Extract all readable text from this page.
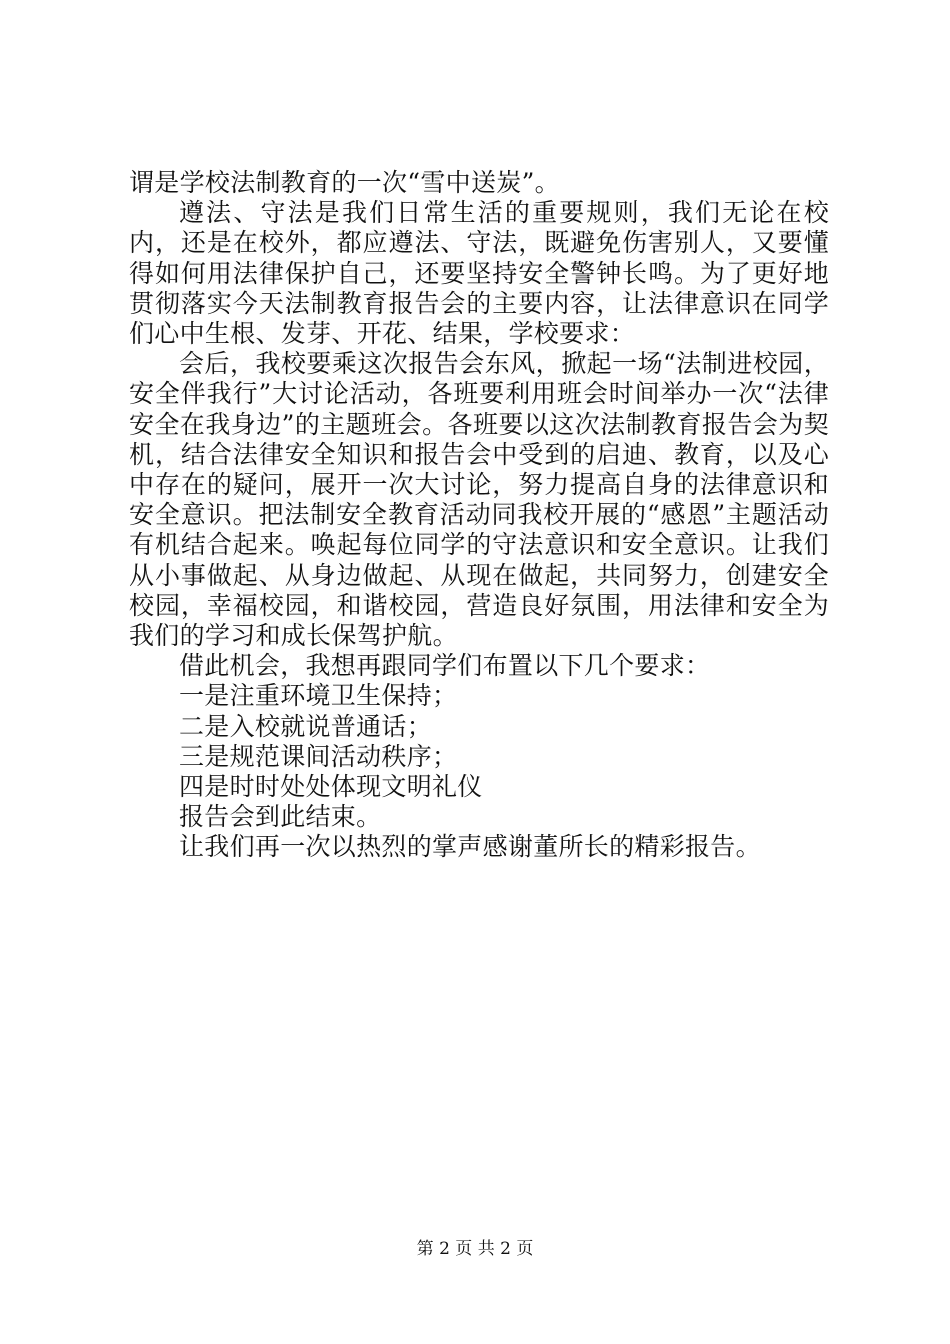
谓是学校法制教育的一次“雪中送炭”。

遵法、守法是我们日常生活的重要规则，我们无论在校内，还是在校外，都应遵法、守法，既避免伤害别人，又要懂得如何用法律保护自己，还要坚持安全警钟长鸣。为了更好地贯彻落实今天法制教育报告会的主要内容，让法律意识在同学们心中生根、发芽、开花、结果，学校要求：

会后，我校要乘这次报告会东风，掀起一场“法制进校园，安全伴我行”大讨论活动，各班要利用班会时间举办一次“法律安全在我身边”的主题班会。各班要以这次法制教育报告会为契机，结合法律安全知识和报告会中受到的启迪、教育，以及心中存在的疑问，展开一次大讨论，努力提高自身的法律意识和安全意识。把法制安全教育活动同我校开展的“感恩”主题活动有机结合起来。唤起每位同学的守法意识和安全意识。让我们从小事做起、从身边做起、从现在做起，共同努力，创建安全校园，幸福校园，和谐校园，营造良好氛围，用法律和安全为我们的学习和成长保驾护航。

借此机会，我想再跟同学们布置以下几个要求：

一是注重环境卫生保持；

二是入校就说普通话；

三是规范课间活动秩序；

四是时时处处体现文明礼仪

报告会到此结束。

让我们再一次以热烈的掌声感谢董所长的精彩报告。

第 2 页 共 2 页
